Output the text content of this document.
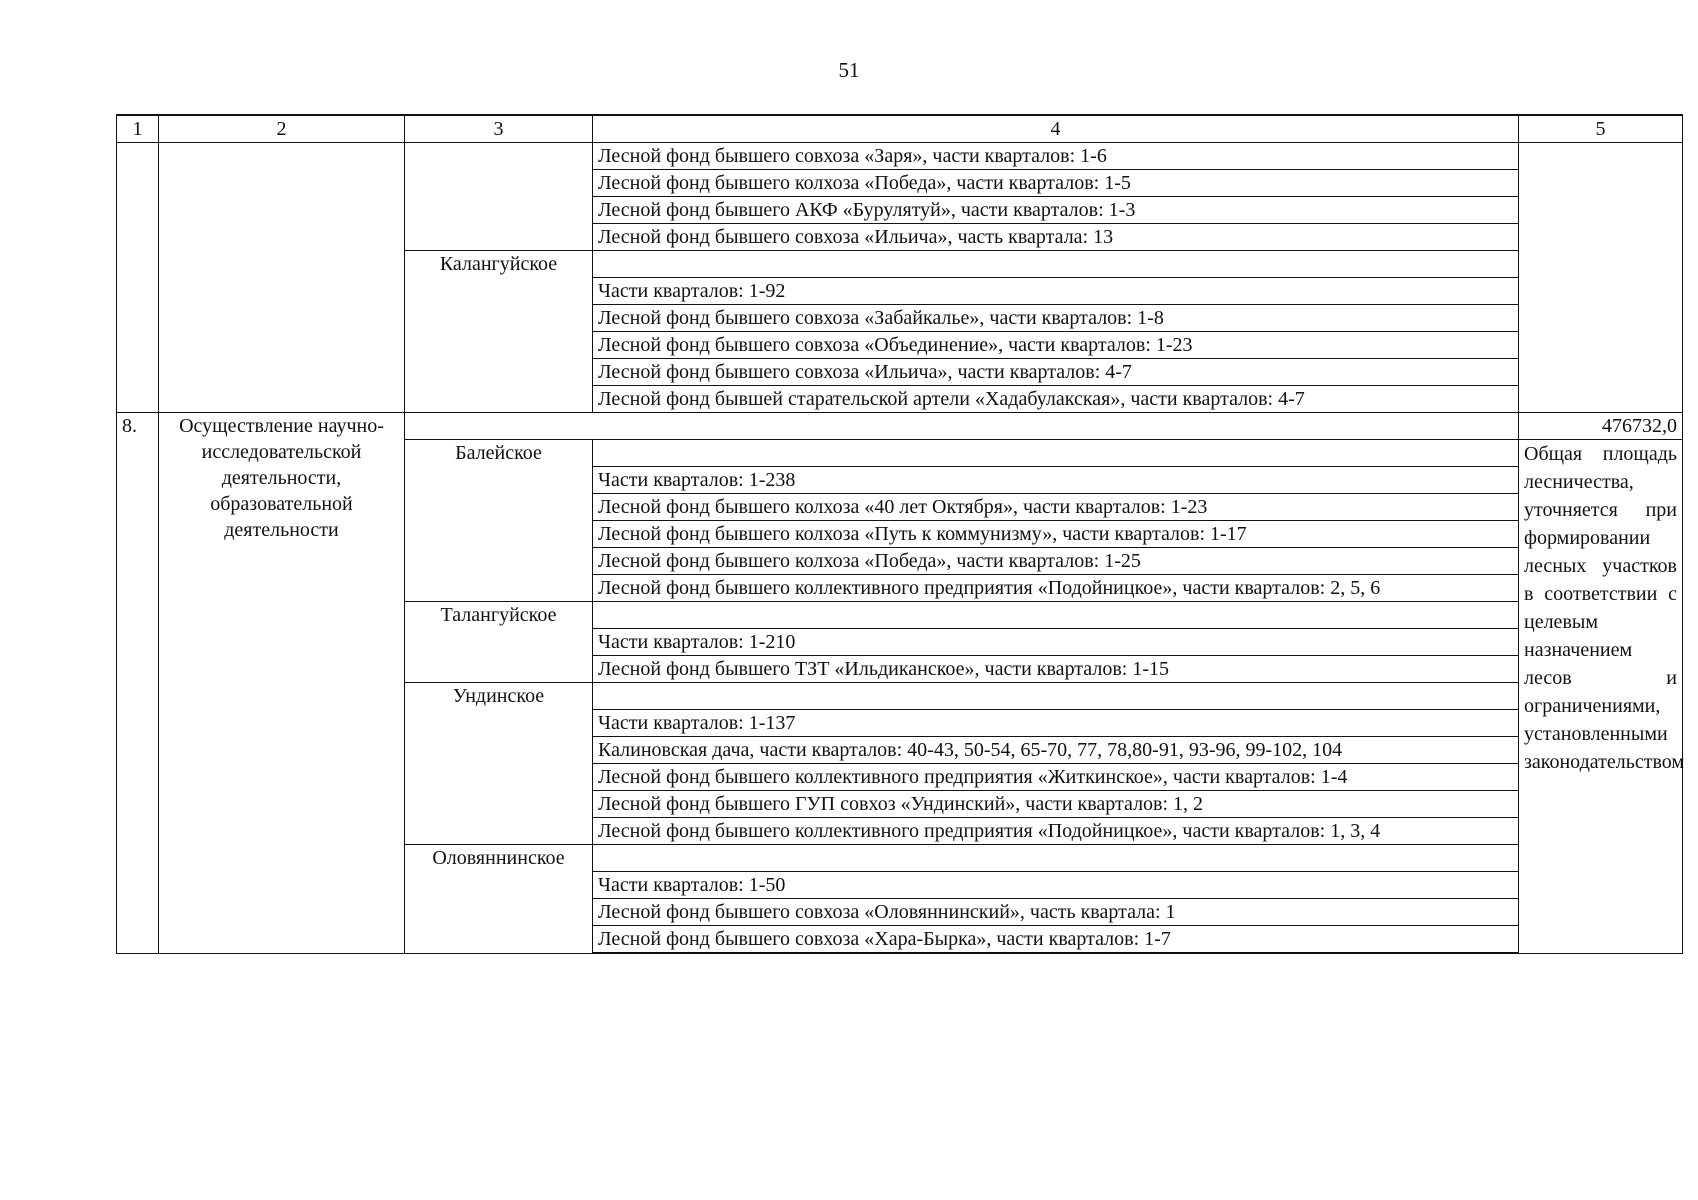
51
1	2	3	4	5
			Лесной фонд бывшего совхоза «Заря», части кварталов: 1-6	
			Лесной фонд бывшего колхоза «Победа», части кварталов: 1-5	
			Лесной фонд бывшего АКФ «Бурулятуй», части кварталов: 1-3	
			Лесной фонд бывшего совхоза «Ильича», часть квартала: 13	
		Калангуйское		
			Части кварталов: 1-92	
			Лесной фонд бывшего совхоза «Забайкалье», части кварталов: 1-8	
			Лесной фонд бывшего совхоза «Объединение», части кварталов: 1-23	
			Лесной фонд бывшего совхоза «Ильича», части кварталов: 4-7	
			Лесной фонд бывшей старательской артели «Хадабулакская», части кварталов: 4-7	
8.	Осуществление научно-исследовательской деятельности, образовательной деятельности			476732,0
		Балейское		Общая площадь лесничества, уточняется при формировании лесных участков в соответствии с целевым назначением лесов и ограничениями, установленными законодательством

			Части кварталов: 1-238	
			Лесной фонд бывшего колхоза «40 лет Октября», части кварталов: 1-23	
			Лесной фонд бывшего колхоза «Путь к коммунизму», части кварталов: 1-17	
			Лесной фонд бывшего колхоза «Победа», части кварталов: 1-25	
			Лесной фонд бывшего коллективного предприятия «Подойницкое», части кварталов: 2, 5, 6	
		Талангуйское		
			Части кварталов: 1-210	
			Лесной фонд бывшего ТЗТ «Ильдиканское», части кварталов: 1-15	
		Ундинское		
			Части кварталов: 1-137	
			Калиновская дача, части кварталов: 40-43, 50-54, 65-70, 77, 78,80-91, 93-96, 99-102, 104	
			Лесной фонд бывшего коллективного предприятия «Житкинское», части кварталов: 1-4	
			Лесной фонд бывшего ГУП совхоз «Ундинский», части кварталов: 1, 2	
			Лесной фонд бывшего коллективного предприятия «Подойницкое», части кварталов: 1, 3, 4	
		Оловяннинское		
			Части кварталов: 1-50	
			Лесной фонд бывшего совхоза «Оловяннинский», часть квартала: 1	
			Лесной фонд бывшего совхоза «Хара-Бырка», части кварталов: 1-7	
